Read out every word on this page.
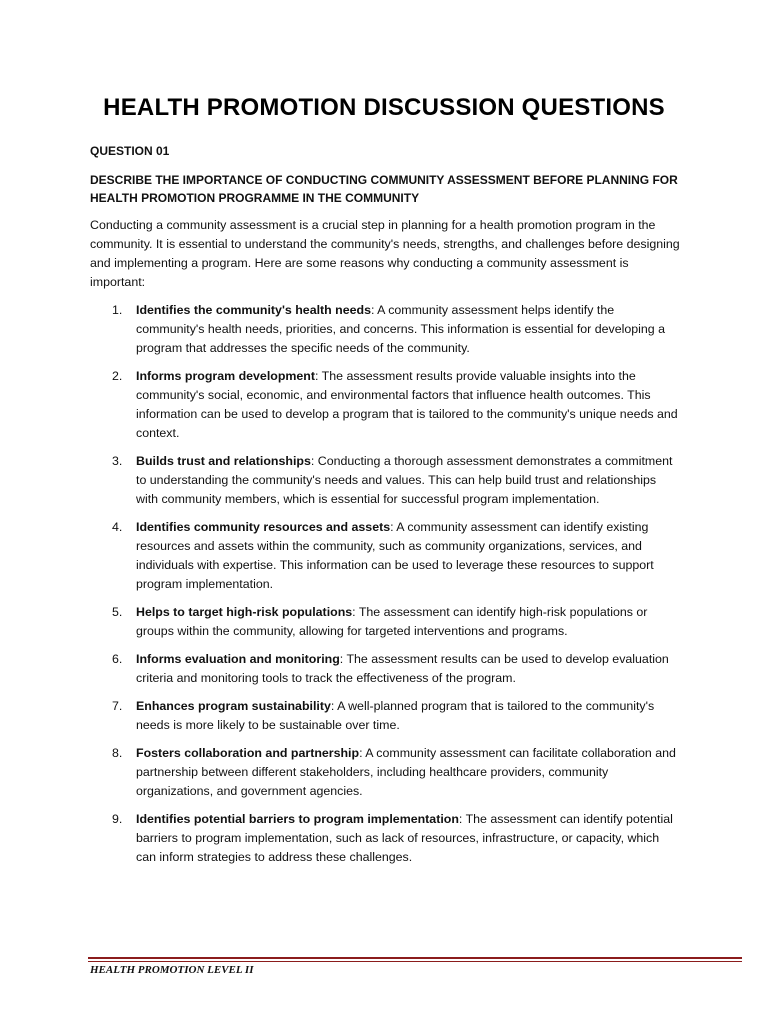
HEALTH PROMOTION DISCUSSION QUESTIONS
QUESTION 01
DESCRIBE THE IMPORTANCE OF CONDUCTING COMMUNITY ASSESSMENT BEFORE PLANNING FOR HEALTH PROMOTION PROGRAMME IN THE COMMUNITY
Conducting a community assessment is a crucial step in planning for a health promotion program in the community. It is essential to understand the community's needs, strengths, and challenges before designing and implementing a program. Here are some reasons why conducting a community assessment is important:
1. Identifies the community's health needs: A community assessment helps identify the community's health needs, priorities, and concerns. This information is essential for developing a program that addresses the specific needs of the community.
2. Informs program development: The assessment results provide valuable insights into the community's social, economic, and environmental factors that influence health outcomes. This information can be used to develop a program that is tailored to the community's unique needs and context.
3. Builds trust and relationships: Conducting a thorough assessment demonstrates a commitment to understanding the community's needs and values. This can help build trust and relationships with community members, which is essential for successful program implementation.
4. Identifies community resources and assets: A community assessment can identify existing resources and assets within the community, such as community organizations, services, and individuals with expertise. This information can be used to leverage these resources to support program implementation.
5. Helps to target high-risk populations: The assessment can identify high-risk populations or groups within the community, allowing for targeted interventions and programs.
6. Informs evaluation and monitoring: The assessment results can be used to develop evaluation criteria and monitoring tools to track the effectiveness of the program.
7. Enhances program sustainability: A well-planned program that is tailored to the community's needs is more likely to be sustainable over time.
8. Fosters collaboration and partnership: A community assessment can facilitate collaboration and partnership between different stakeholders, including healthcare providers, community organizations, and government agencies.
9. Identifies potential barriers to program implementation: The assessment can identify potential barriers to program implementation, such as lack of resources, infrastructure, or capacity, which can inform strategies to address these challenges.
HEALTH PROMOTION LEVEL II
